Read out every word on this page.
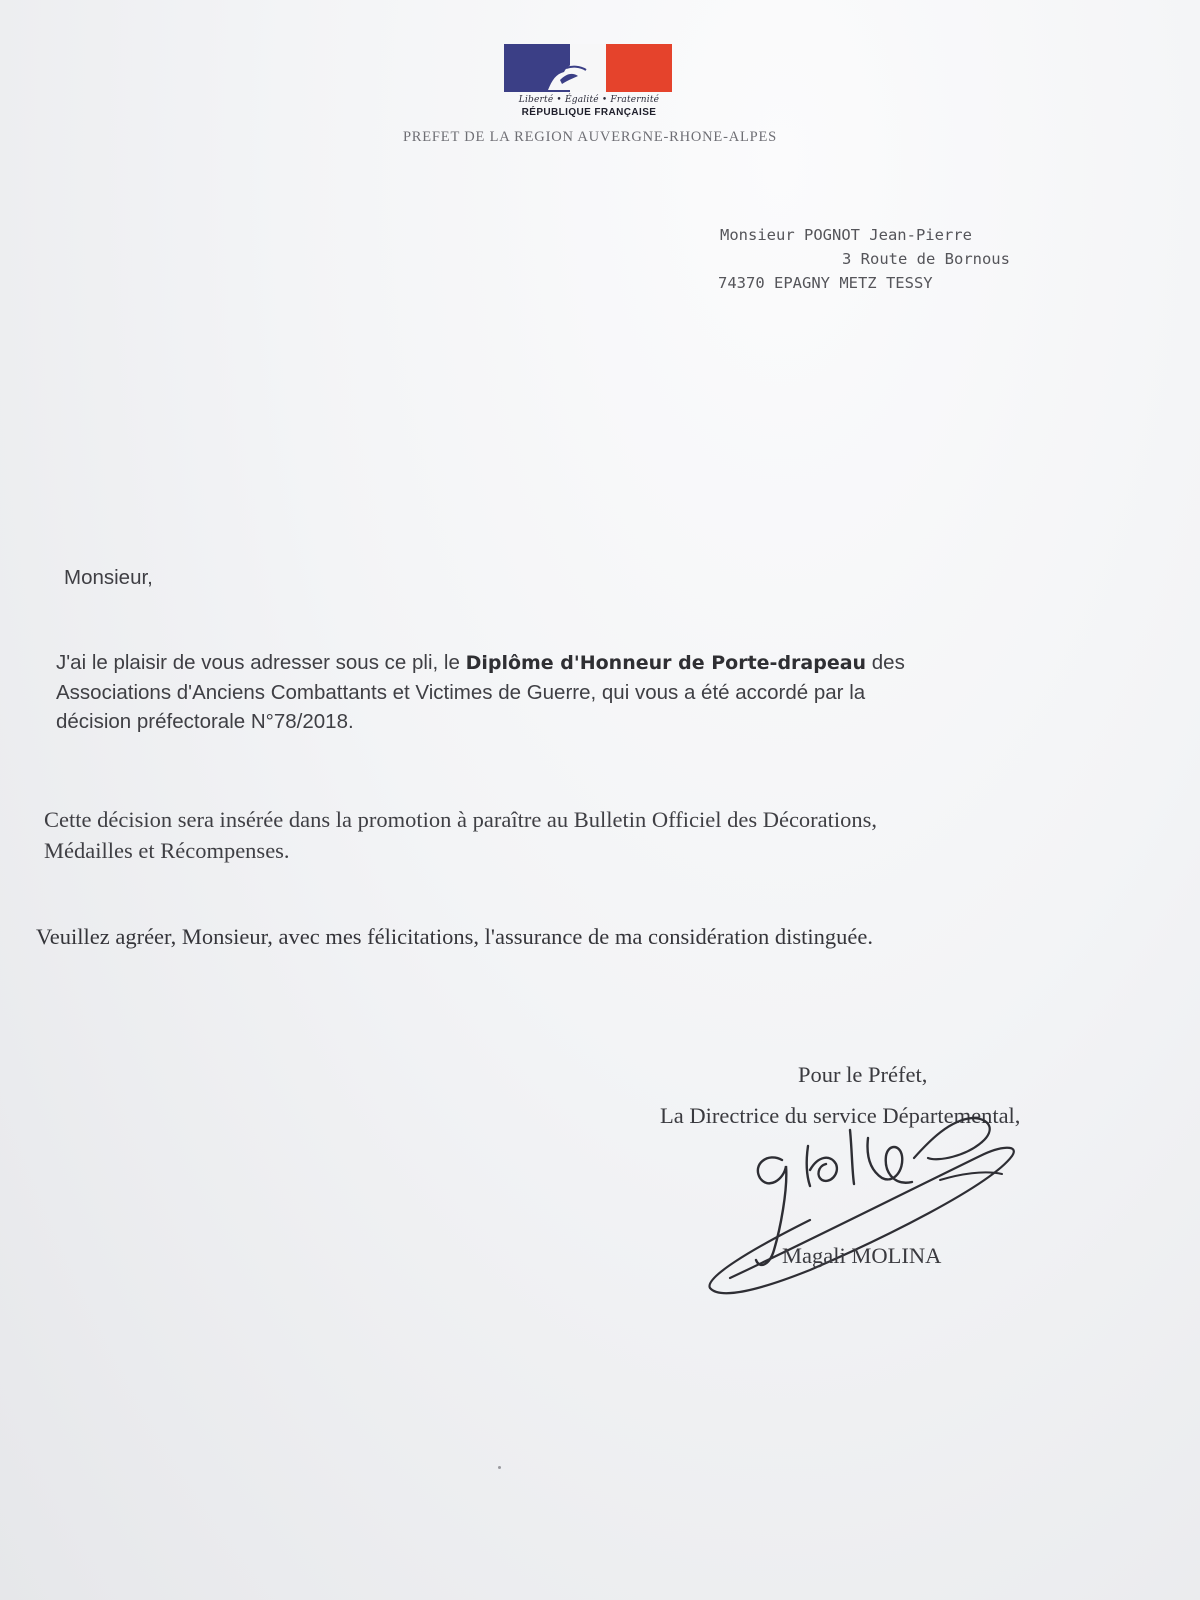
Liberté • Égalité • Fraternité
RÉPUBLIQUE FRANÇAISE
PREFET DE LA REGION AUVERGNE-RHONE-ALPES
Monsieur POGNOT Jean-Pierre
3 Route de Bornous
74370 EPAGNY METZ TESSY
Monsieur,
J'ai le plaisir de vous adresser sous ce pli, le Diplôme d'Honneur de Porte-drapeau des
Associations d'Anciens Combattants et Victimes de Guerre, qui vous a été accordé par la
décision préfectorale N°78/2018.
Cette décision sera insérée dans la promotion à paraître au Bulletin Officiel des Décorations,
Médailles et Récompenses.
Veuillez agréer, Monsieur, avec mes félicitations, l'assurance de ma considération distinguée.
Pour le Préfet,
La Directrice du service Départemental,
Magali MOLINA
